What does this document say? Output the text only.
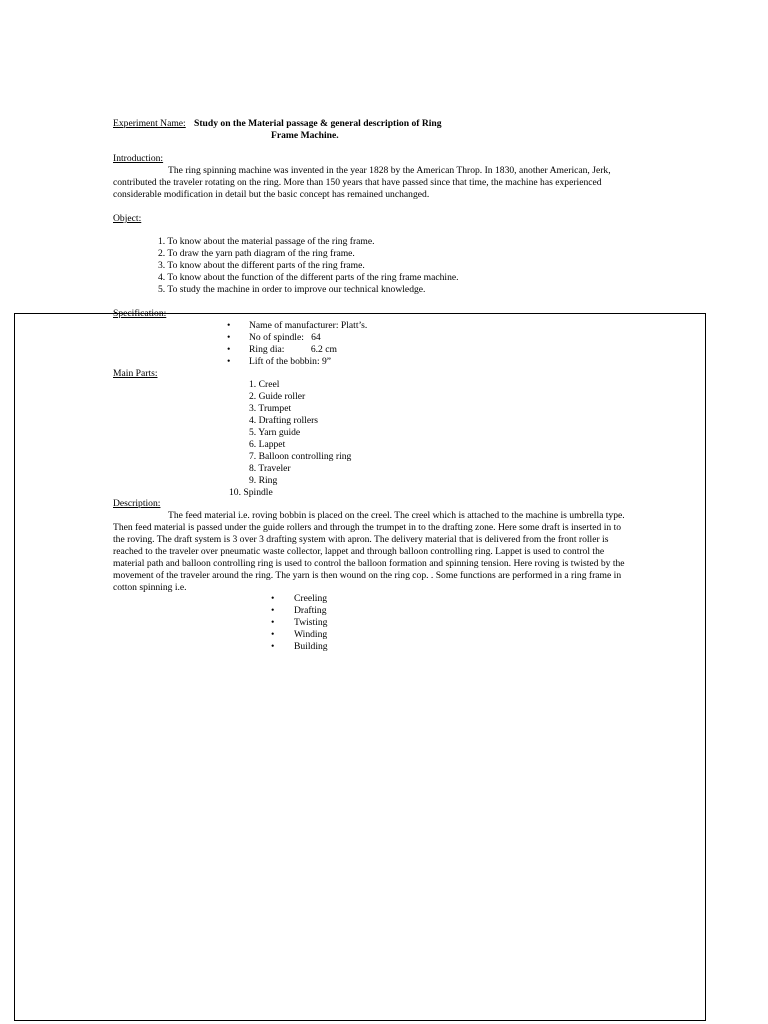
Experiment Name: Study on the Material passage & general description of Ring
Frame Machine.
Introduction:
The ring spinning machine was invented in the year 1828 by the American Throp. In 1830, another American, Jerk,
contributed the traveler rotating on the ring. More than 150 years that have passed since that time, the machine has experienced
considerable modification in detail but the basic concept has remained unchanged.
Object:
1. To know about the material passage of the ring frame.
2. To draw the yarn path diagram of the ring frame.
3. To know about the different parts of the ring frame.
4. To know about the function of the different parts of the ring frame machine.
5. To study the machine in order to improve our technical knowledge.
Specification:
• Name of manufacturer: Platt’s.
• No of spindle:   64
• Ring dia:           6.2 cm
• Lift of the bobbin: 9”
Main Parts:
1. Creel
2. Guide roller
3. Trumpet
4. Drafting rollers
5. Yarn guide
6. Lappet
7. Balloon controlling ring
8. Traveler
9. Ring
10. Spindle
Description:
The feed material i.e. roving bobbin is placed on the creel. The creel which is attached to the machine is umbrella type.
Then feed material is passed under the guide rollers and through the trumpet in to the drafting zone. Here some draft is inserted in to
the roving. The draft system is 3 over 3 drafting system with apron. The delivery material that is delivered from the front roller is
reached to the traveler over pneumatic waste collector, lappet and through balloon controlling ring. Lappet is used to control the
material path and balloon controlling ring is used to control the balloon formation and spinning tension. Here roving is twisted by the
movement of the traveler around the ring. The yarn is then wound on the ring cop. . Some functions are performed in a ring frame in
cotton spinning i.e.
• Creeling
• Drafting
• Twisting
• Winding
• Building
